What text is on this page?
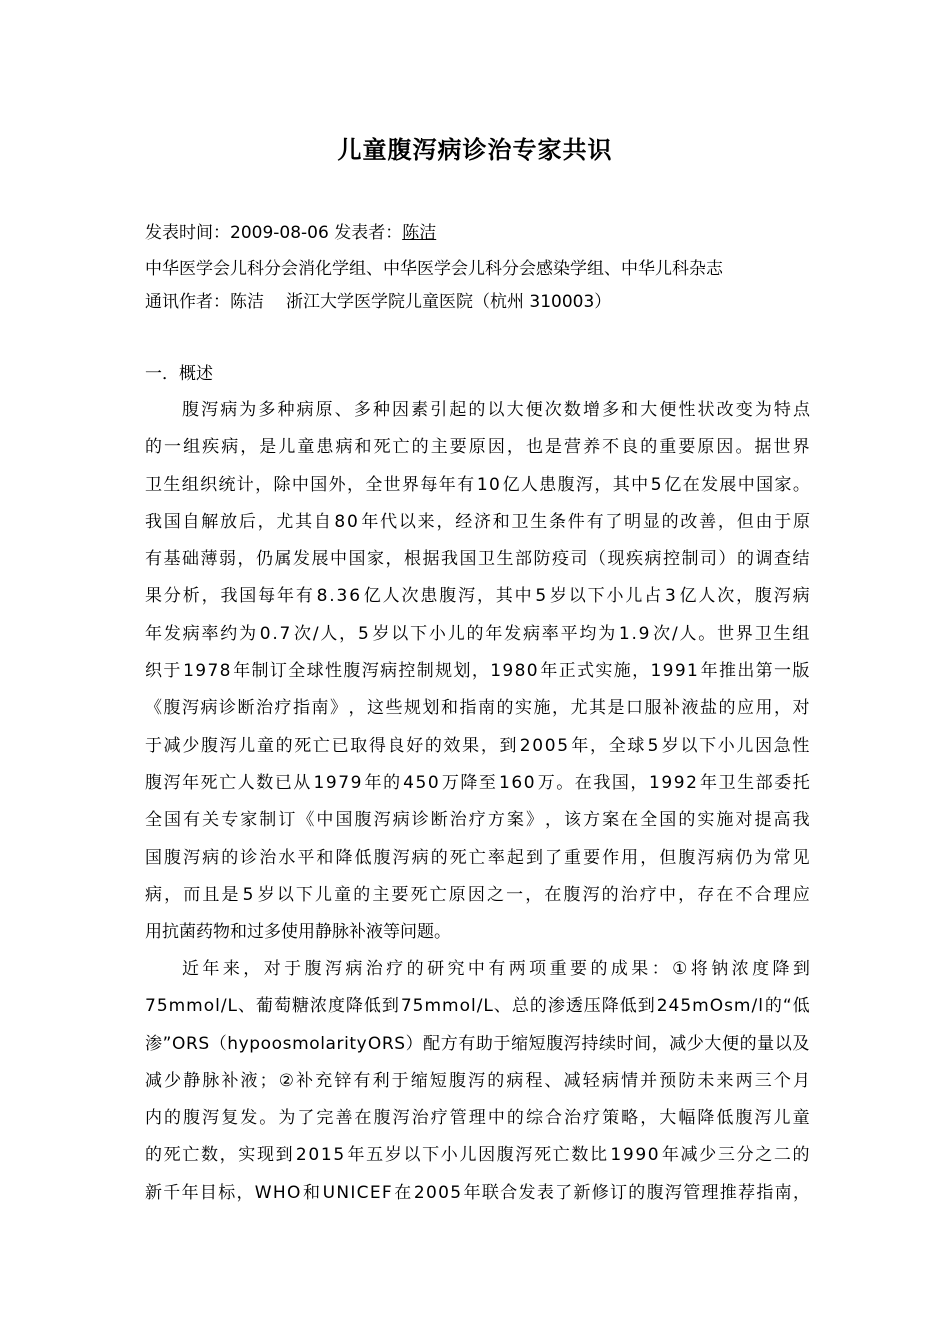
儿童腹泻病诊治专家共识
发表时间：2009-08-06 发表者：陈洁
中华医学会儿科分会消化学组、中华医学会儿科分会感染学组、中华儿科杂志
通讯作者：陈洁 浙江大学医学院儿童医院（杭州 310003）
一．概述
腹 泻 病 为 多 种 病 原 、 多 种 因 素 引 起 的 以 大 便 次 数 增 多 和 大 便 性 状 改 变 为 特 点
的 一 组 疾 病 ， 是 儿 童 患 病 和 死 亡 的 主 要 原 因 ， 也 是 营 养 不 良 的 重 要 原 因 。 据 世 界
卫 生 组 织 统 计 ， 除 中 国 外 ， 全 世 界 每 年 有 1 0 亿 人 患 腹 泻 ， 其 中 5 亿 在 发 展 中 国 家 。
我 国 自 解 放 后 ， 尤 其 自 8 0 年 代 以 来 ， 经 济 和 卫 生 条 件 有 了 明 显 的 改 善 ， 但 由 于 原
有 基 础 薄 弱 ， 仍 属 发 展 中 国 家 ， 根 据 我 国 卫 生 部 防 疫 司 （ 现 疾 病 控 制 司 ） 的 调 查 结
果 分 析 ， 我 国 每 年 有 8 . 3 6 亿 人 次 患 腹 泻 ， 其 中 5 岁 以 下 小 儿 占 3 亿 人 次 ， 腹 泻 病
年 发 病 率 约 为 0 . 7 次 / 人 ， 5 岁 以 下 小 儿 的 年 发 病 率 平 均 为 1 . 9 次 / 人 。 世 界 卫 生 组
织 于 1 9 7 8 年 制 订 全 球 性 腹 泻 病 控 制 规 划 ， 1 9 8 0 年 正 式 实 施 ， 1 9 9 1 年 推 出 第 一 版
《 腹 泻 病 诊 断 治 疗 指 南 》 ， 这 些 规 划 和 指 南 的 实 施 ， 尤 其 是 口 服 补 液 盐 的 应 用 ， 对
于 减 少 腹 泻 儿 童 的 死 亡 已 取 得 良 好 的 效 果 ， 到 2 0 0 5 年 ， 全 球 5 岁 以 下 小 儿 因 急 性
腹 泻 年 死 亡 人 数 已 从 1 9 7 9 年 的 4 5 0 万 降 至 1 6 0 万 。 在 我 国 ， 1 9 9 2 年 卫 生 部 委 托
全 国 有 关 专 家 制 订 《 中 国 腹 泻 病 诊 断 治 疗 方 案 》 ， 该 方 案 在 全 国 的 实 施 对 提 高 我
国 腹 泻 病 的 诊 治 水 平 和 降 低 腹 泻 病 的 死 亡 率 起 到 了 重 要 作 用 ， 但 腹 泻 病 仍 为 常 见
病 ， 而 且 是 5 岁 以 下 儿 童 的 主 要 死 亡 原 因 之 一 ， 在 腹 泻 的 治 疗 中 ， 存 在 不 合 理 应
用抗菌药物和过多使用静脉补液等问题。
近 年 来 ， 对 于 腹 泻 病 治 疗 的 研 究 中 有 两 项 重 要 的 成 果 ： ① 将 钠 浓 度 降 到
7 5 m m o l / L 、 葡 萄 糖 浓 度 降 低 到 7 5 m m o l / L 、 总 的 渗 透 压 降 低 到 2 4 5 m O s m / l 的 “ 低
渗 ” O R S （ h y p o o s m o l a r i t y O R S ） 配 方 有 助 于 缩 短 腹 泻 持 续 时 间 ， 减 少 大 便 的 量 以 及
减 少 静 脉 补 液 ； ② 补 充 锌 有 利 于 缩 短 腹 泻 的 病 程 、 减 轻 病 情 并 预 防 未 来 两 三 个 月
内 的 腹 泻 复 发 。 为 了 完 善 在 腹 泻 治 疗 管 理 中 的 综 合 治 疗 策 略 ， 大 幅 降 低 腹 泻 儿 童
的 死 亡 数 ， 实 现 到 2 0 1 5 年 五 岁 以 下 小 儿 因 腹 泻 死 亡 数 比 1 9 9 0 年 减 少 三 分 之 二 的
新 千 年 目 标 ， W H O 和 U N I C E F 在 2 0 0 5 年 联 合 发 表 了 新 修 订 的 腹 泻 管 理 推 荐 指 南 ，
